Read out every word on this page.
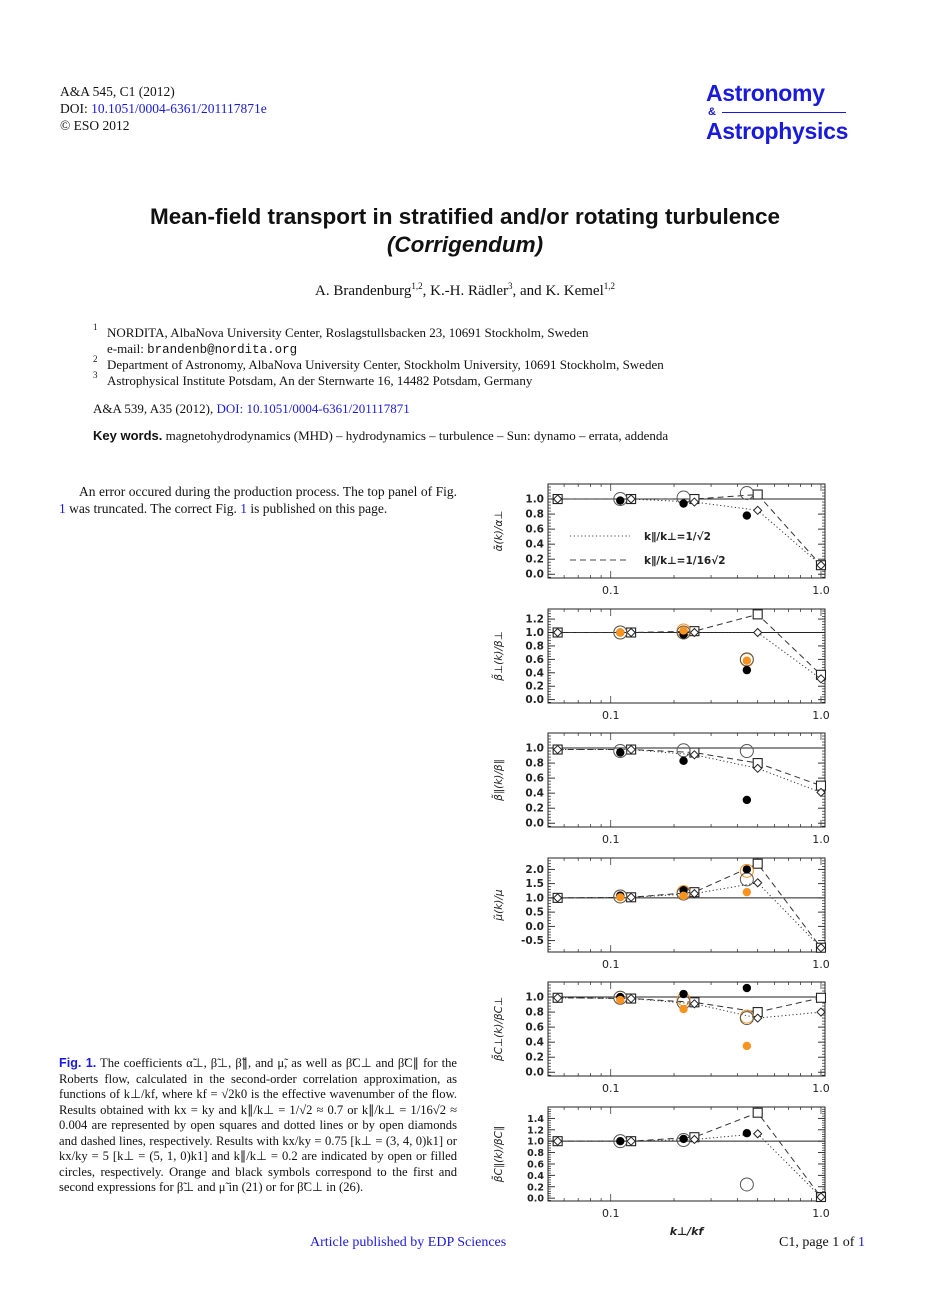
A&A 545, C1 (2012)
DOI: 10.1051/0004-6361/201117871e
© ESO 2012
Astronomy
&
Astrophysics
Mean-field transport in stratified and/or rotating turbulence
(Corrigendum)
A. Brandenburg$^{1,2}$, K.-H. Rädler$^3$, and K. Kemel$^{1,2}$
1 NORDITA, AlbaNova University Center, Roslagstullsbacken 23, 10691 Stockholm, Sweden
e-mail: brandenb@nordita.org
2 Department of Astronomy, AlbaNova University Center, Stockholm University, 10691 Stockholm, Sweden
3 Astrophysical Institute Potsdam, An der Sternwarte 16, 14482 Potsdam, Germany
A&A 539, A35 (2012), DOI: 10.1051/0004-6361/201117871
Key words. magnetohydrodynamics (MHD) – hydrodynamics – turbulence – Sun: dynamo – errata, addenda
An error occured during the production process. The top panel of Fig. 1 was truncated. The correct Fig. 1 is published on this page.
Fig. 1. The coefficients α̃⊥, β̃⊥, β̃∥, and μ̃, as well as β̃C⊥ and β̃C∥ for the Roberts flow, calculated in the second-order correlation approximation, as functions of k⊥/kf, where kf = √2k0 is the effective wavenumber of the flow. Results obtained with kx = ky and k∥/k⊥ = 1/√2 ≈ 0.7 or k∥/k⊥ = 1/16√2 ≈ 0.004 are represented by open squares and dotted lines or by open diamonds and dashed lines, respectively. Results with kx/ky = 0.75 [k⊥ = (3, 4, 0)k1] or kx/ky = 5 [k⊥ = (5, 1, 0)k1] and k∥/k⊥ = 0.2 are indicated by open or filled circles, respectively. Orange and black symbols correspond to the first and second expressions for β̃⊥ and μ̃ in (21) or for β̃C⊥ in (26).
0.0
0.2
0.4
0.6
0.8
1.0
0.1	1.0
α̃(k)/α⊥	k∥/k⊥=1/√2
k∥/k⊥=1/16√2
0.0
0.2
0.4
0.6
0.8
1.0
1.2
0.1	1.0
β̃⊥(k)/β⊥
0.0
0.2
0.4
0.6
0.8
1.0
0.1	1.0
β̃∥(k)/β∥
-0.5
0.0
0.5
1.0
1.5
2.0
0.1	1.0
μ̃(k)/μ
0.0
0.2
0.4
0.6
0.8
1.0
0.1	1.0
β̃C⊥(k)/βC⊥
0.0
0.2
0.4
0.6
0.8
1.0
1.2
1.4
0.1	1.0
β̃C∥(k)/βC∥
k⊥/kf
Article published by EDP Sciences	C1, page 1 of 1
